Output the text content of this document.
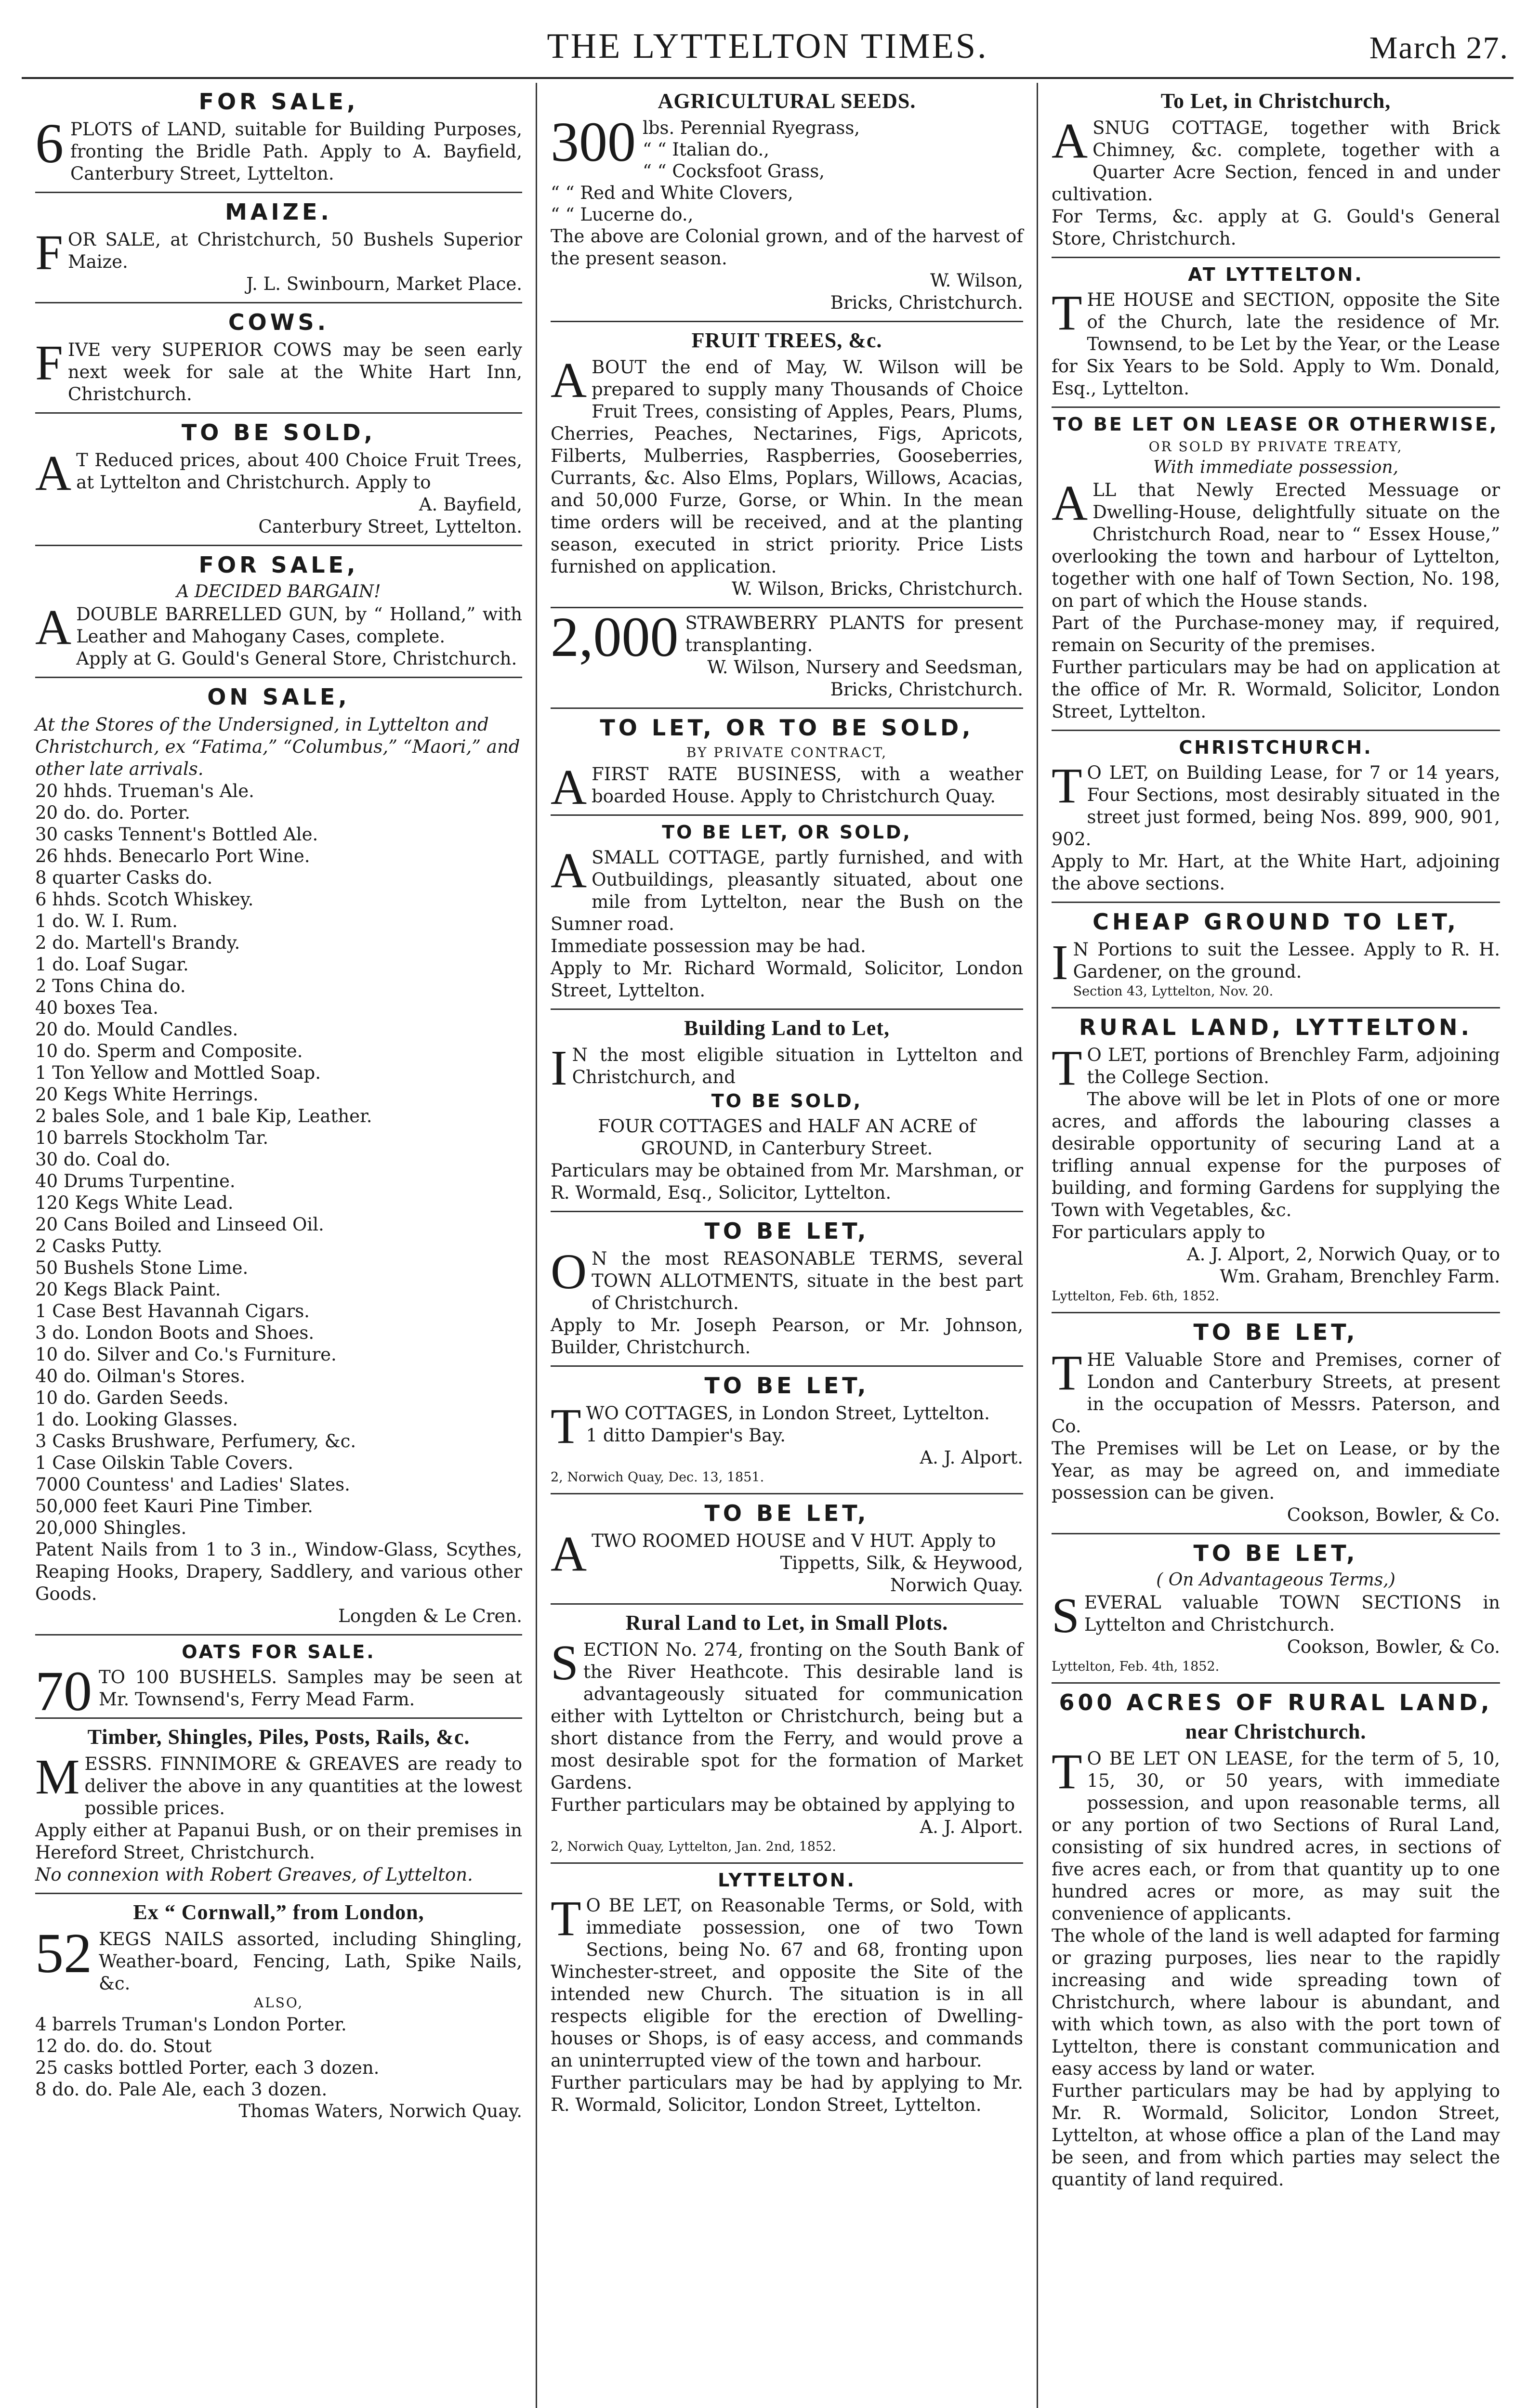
THE LYTTELTON TIMES.	March 27.
FOR SALE,

6 PLOTS of LAND, suitable for Building Purposes, fronting the Bridle Path. Apply to A. Bayfield, Canterbury Street, Lyttelton.

MAIZE.

FOR SALE, at Christchurch, 50 Bushels Superior Maize.

J. L. Swinbourn, Market Place.

COWS.

FIVE very SUPERIOR COWS may be seen early next week for sale at the White Hart Inn, Christchurch.

TO BE SOLD,

A T Reduced prices, about 400 Choice Fruit Trees, at Lyttelton and Christchurch. Apply to

A. Bayfield,

Canterbury Street, Lyttelton.

FOR SALE,
A DECIDED BARGAIN!

A DOUBLE BARRELLED GUN, by “ Holland,” with Leather and Mahogany Cases, complete.

Apply at G. Gould's General Store, Christchurch.

ON SALE,

At the Stores of the Undersigned, in Lyttelton and Christchurch, ex “Fatima,” “Columbus,” “Maori,” and other late arrivals.

20 hhds. Trueman's Ale.
20 do. do. Porter.
30 casks Tennent's Bottled Ale.
26 hhds. Benecarlo Port Wine.
8 quarter Casks do.
6 hhds. Scotch Whiskey.
1 do. W. I. Rum.
2 do. Martell's Brandy.
1 do. Loaf Sugar.
2 Tons China do.
40 boxes Tea.
20 do. Mould Candles.
10 do. Sperm and Composite.
1 Ton Yellow and Mottled Soap.
20 Kegs White Herrings.
2 bales Sole, and 1 bale Kip, Leather.
10 barrels Stockholm Tar.
30 do. Coal do.
40 Drums Turpentine.
120 Kegs White Lead.
20 Cans Boiled and Linseed Oil.
2 Casks Putty.
50 Bushels Stone Lime.
20 Kegs Black Paint.
1 Case Best Havannah Cigars.
3 do. London Boots and Shoes.
10 do. Silver and Co.'s Furniture.
40 do. Oilman's Stores.
10 do. Garden Seeds.
1 do. Looking Glasses.
3 Casks Brushware, Perfumery, &c.
1 Case Oilskin Table Covers.
7000 Countess' and Ladies' Slates.
50,000 feet Kauri Pine Timber.
20,000 Shingles.

Patent Nails from 1 to 3 in., Window-Glass, Scythes, Reaping Hooks, Drapery, Saddlery, and various other Goods.

Longden & Le Cren.

OATS FOR SALE.

70 TO 100 BUSHELS. Samples may be seen at Mr. Townsend's, Ferry Mead Farm.

Timber, Shingles, Piles, Posts, Rails, &c.

MESSRS. FINNIMORE & GREAVES are ready to deliver the above in any quantities at the lowest possible prices.

Apply either at Papanui Bush, or on their premises in Hereford Street, Christchurch.

No connexion with Robert Greaves, of Lyttelton.

Ex “ Cornwall,” from London,

52 KEGS NAILS assorted, including Shingling, Weather-board, Fencing, Lath, Spike Nails, &c.

ALSO,
4 barrels Truman's London Porter.
12 do. do. do. Stout
25 casks bottled Porter, each 3 dozen.
8 do. do. Pale Ale, each 3 dozen.

Thomas Waters, Norwich Quay.

AGRICULTURAL SEEDS.

300 lbs. Perennial Ryegrass,
“ “ Italian do.,
“ “ Cocksfoot Grass,
“ “ Red and White Clovers,
“ “ Lucerne do.,

The above are Colonial grown, and of the harvest of the present season.

W. Wilson,

Bricks, Christchurch.

FRUIT TREES, &c.

ABOUT the end of May, W. Wilson will be prepared to supply many Thousands of Choice Fruit Trees, consisting of Apples, Pears, Plums, Cherries, Peaches, Nectarines, Figs, Apricots, Filberts, Mulberries, Raspberries, Gooseberries, Currants, &c. Also Elms, Poplars, Willows, Acacias, and 50,000 Furze, Gorse, or Whin. In the mean time orders will be received, and at the planting season, executed in strict priority. Price Lists furnished on application.

W. Wilson, Bricks, Christchurch.

2,000 STRAWBERRY PLANTS for present transplanting.

W. Wilson, Nursery and Seedsman,

Bricks, Christchurch.

TO LET, OR TO BE SOLD,
BY PRIVATE CONTRACT,

A FIRST RATE BUSINESS, with a weather boarded House. Apply to Christchurch Quay.

TO BE LET, OR SOLD,

A SMALL COTTAGE, partly furnished, and with Outbuildings, pleasantly situated, about one mile from Lyttelton, near the Bush on the Sumner road.

Immediate possession may be had.

Apply to Mr. Richard Wormald, Solicitor, London Street, Lyttelton.

Building Land to Let,

I N the most eligible situation in Lyttelton and Christchurch, and

TO BE SOLD,

FOUR COTTAGES and HALF AN ACRE of GROUND, in Canterbury Street.

Particulars may be obtained from Mr. Marshman, or R. Wormald, Esq., Solicitor, Lyttelton.

TO BE LET,

O N the most REASONABLE TERMS, several TOWN ALLOTMENTS, situate in the best part of Christchurch.

Apply to Mr. Joseph Pearson, or Mr. Johnson, Builder, Christchurch.

TO BE LET,

TWO COTTAGES, in London Street, Lyttelton.

1 ditto Dampier's Bay.

A. J. Alport.

2, Norwich Quay, Dec. 13, 1851.

TO BE LET,

A TWO ROOMED HOUSE and V HUT. Apply to

Tippetts, Silk, & Heywood,

Norwich Quay.

Rural Land to Let, in Small Plots.

SECTION No. 274, fronting on the South Bank of the River Heathcote. This desirable land is advantageously situated for communication either with Lyttelton or Christchurch, being but a short distance from the Ferry, and would prove a most desirable spot for the formation of Market Gardens.

Further particulars may be obtained by applying to

A. J. Alport.

2, Norwich Quay, Lyttelton, Jan. 2nd, 1852.

LYTTELTON.

T O BE LET, on Reasonable Terms, or Sold, with immediate possession, one of two Town Sections, being No. 67 and 68, fronting upon Winchester-street, and opposite the Site of the intended new Church. The situation is in all respects eligible for the erection of Dwelling-houses or Shops, is of easy access, and commands an uninterrupted view of the town and harbour.

Further particulars may be had by applying to Mr. R. Wormald, Solicitor, London Street, Lyttelton.

To Let, in Christchurch,

A SNUG COTTAGE, together with Brick Chimney, &c. complete, together with a Quarter Acre Section, fenced in and under cultivation.

For Terms, &c. apply at G. Gould's General Store, Christchurch.

AT LYTTELTON.

THE HOUSE and SECTION, opposite the Site of the Church, late the residence of Mr. Townsend, to be Let by the Year, or the Lease for Six Years to be Sold. Apply to Wm. Donald, Esq., Lyttelton.

TO BE LET ON LEASE OR OTHERWISE,
OR SOLD BY PRIVATE TREATY,
With immediate possession,

ALL that Newly Erected Messuage or Dwelling-House, delightfully situate on the Christchurch Road, near to “ Essex House,” overlooking the town and harbour of Lyttelton, together with one half of Town Section, No. 198, on part of which the House stands.

Part of the Purchase-money may, if required, remain on Security of the premises.

Further particulars may be had on application at the office of Mr. R. Wormald, Solicitor, London Street, Lyttelton.

CHRISTCHURCH.

T O LET, on Building Lease, for 7 or 14 years, Four Sections, most desirably situated in the street just formed, being Nos. 899, 900, 901, 902.

Apply to Mr. Hart, at the White Hart, adjoining the above sections.

CHEAP GROUND TO LET,

I N Portions to suit the Lessee. Apply to R. H. Gardener, on the ground.

Section 43, Lyttelton, Nov. 20.

RURAL LAND, LYTTELTON.

T O LET, portions of Brenchley Farm, adjoining the College Section.

The above will be let in Plots of one or more acres, and affords the labouring classes a desirable opportunity of securing Land at a trifling annual expense for the purposes of building, and forming Gardens for supplying the Town with Vegetables, &c.

For particulars apply to

A. J. Alport, 2, Norwich Quay, or to

Wm. Graham, Brenchley Farm.

Lyttelton, Feb. 6th, 1852.

TO BE LET,

THE Valuable Store and Premises, corner of London and Canterbury Streets, at present in the occupation of Messrs. Paterson, and Co.

The Premises will be Let on Lease, or by the Year, as may be agreed on, and immediate possession can be given.

Cookson, Bowler, & Co.

TO BE LET,
( On Advantageous Terms,)

SEVERAL valuable TOWN SECTIONS in Lyttelton and Christchurch.

Cookson, Bowler, & Co.

Lyttelton, Feb. 4th, 1852.

600 ACRES OF RURAL LAND,
near Christchurch.

T O BE LET ON LEASE, for the term of 5, 10, 15, 30, or 50 years, with immediate possession, and upon reasonable terms, all or any portion of two Sections of Rural Land, consisting of six hundred acres, in sections of five acres each, or from that quantity up to one hundred acres or more, as may suit the convenience of applicants.

The whole of the land is well adapted for farming or grazing purposes, lies near to the rapidly increasing and wide spreading town of Christchurch, where labour is abundant, and with which town, as also with the port town of Lyttelton, there is constant communication and easy access by land or water.

Further particulars may be had by applying to Mr. R. Wormald, Solicitor, London Street, Lyttelton, at whose office a plan of the Land may be seen, and from which parties may select the quantity of land required.
